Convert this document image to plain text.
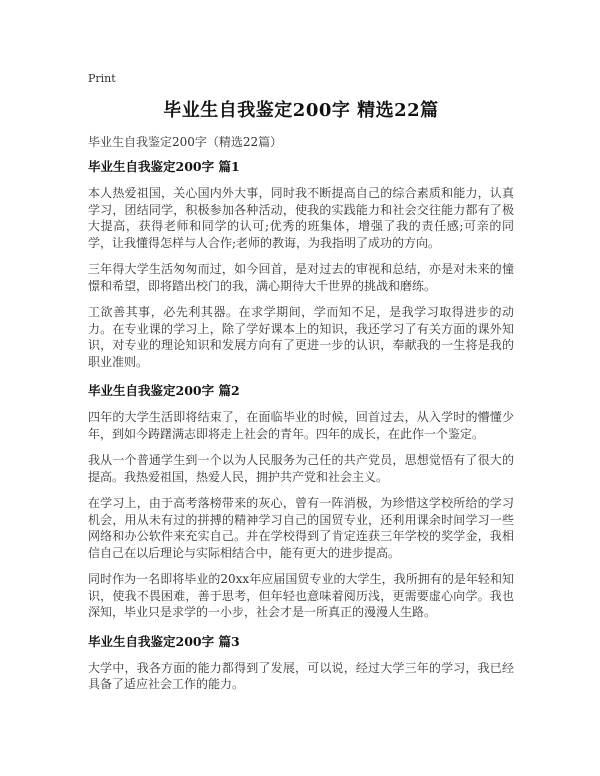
Print
毕业生自我鉴定200字 精选22篇
毕业生自我鉴定200字（精选22篇）
毕业生自我鉴定200字 篇1

本人热爱祖国，关心国内外大事，同时我不断提高自己的综合素质和能力，认真学习，团结同学，积极参加各种活动，使我的实践能力和社会交往能力都有了极大提高，获得老师和同学的认可;优秀的班集体，增强了我的责任感;可亲的同学，让我懂得怎样与人合作;老师的教诲，为我指明了成功的方向。

三年得大学生活匆匆而过，如今回首，是对过去的审视和总结，亦是对未来的憧憬和希望，即将踏出校门的我，满心期待大千世界的挑战和磨练。

工欲善其事，必先利其器。在求学期间，学而知不足，是我学习取得进步的动力。在专业课的学习上，除了学好课本上的知识，我还学习了有关方面的课外知识，对专业的理论知识和发展方向有了更进一步的认识，奉献我的一生将是我的职业准则。

毕业生自我鉴定200字 篇2

四年的大学生活即将结束了，在面临毕业的时候，回首过去，从入学时的懵懂少年，到如今踌躇满志即将走上社会的青年。四年的成长，在此作一个鉴定。

我从一个普通学生到一个以为人民服务为己任的共产党员，思想觉悟有了很大的提高。我热爱祖国，热爱人民，拥护共产党和社会主义。

在学习上，由于高考落榜带来的灰心，曾有一阵消极，为珍惜这学校所给的学习机会，用从未有过的拼搏的精神学习自己的国贸专业，还利用课余时间学习一些网络和办公软件来充实自己。并在学校得到了肯定连获三年学校的奖学金，我相信自己在以后理论与实际相结合中，能有更大的进步提高。

同时作为一名即将毕业的20xx年应届国贸专业的大学生，我所拥有的是年轻和知识，使我不畏困难，善于思考，但年轻也意味着阅历浅，更需要虚心向学。我也深知，毕业只是求学的一小步，社会才是一所真正的漫漫人生路。

毕业生自我鉴定200字 篇3

大学中，我各方面的能力都得到了发展，可以说，经过大学三年的学习，我已经具备了适应社会工作的能力。
